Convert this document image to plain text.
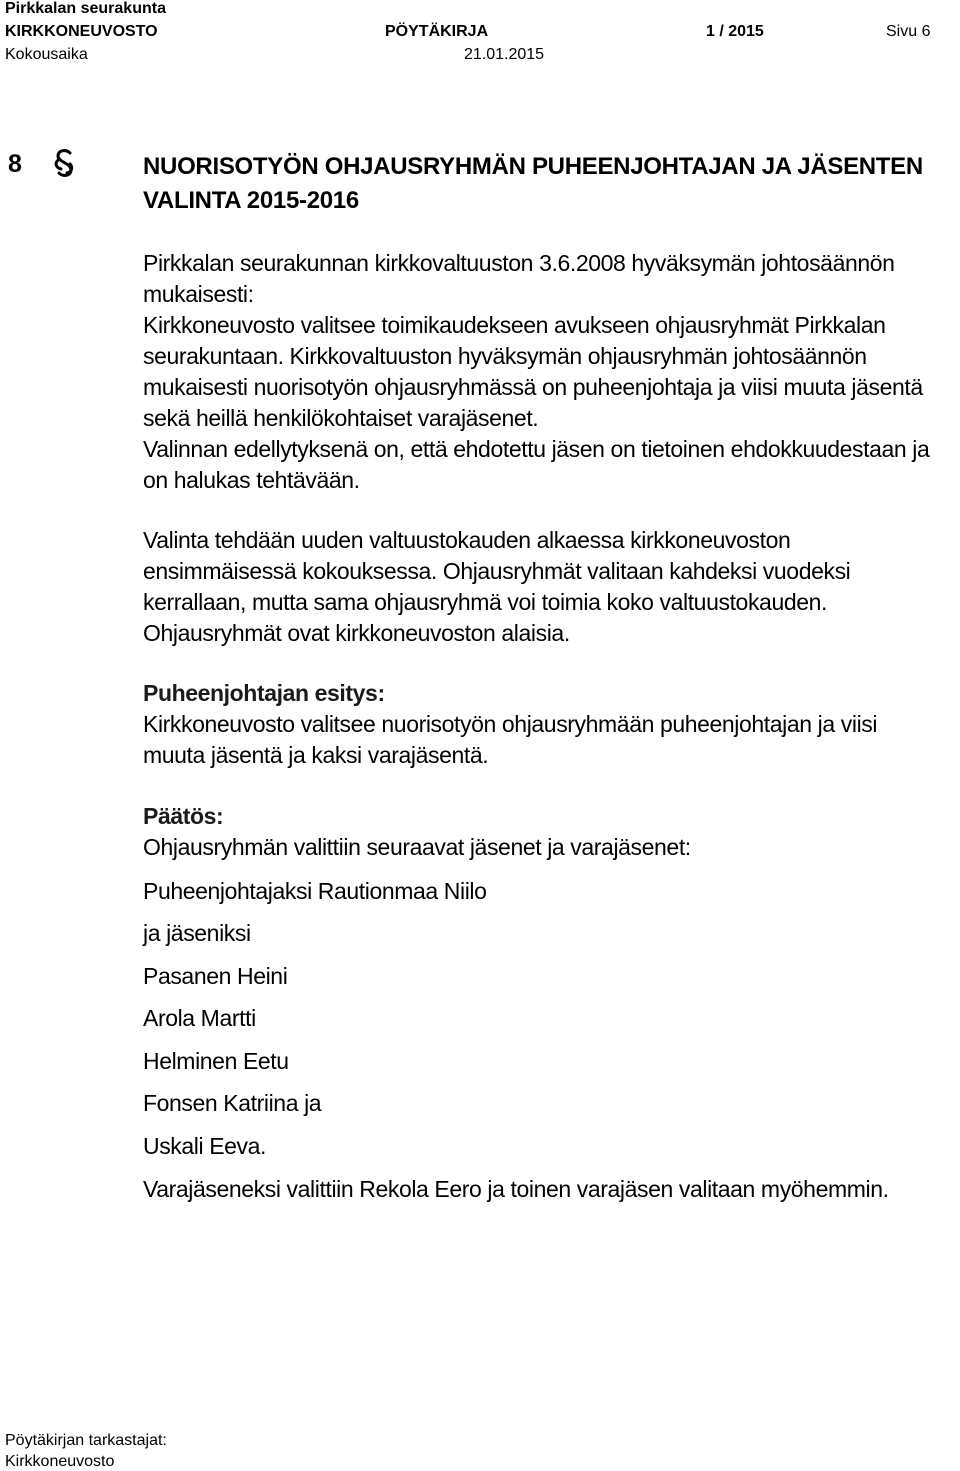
Pirkkalan seurakunta
KIRKKONEUVOSTO
Kokousaika
PÖYTÄKIRJA
21.01.2015
1 / 2015	Sivu 6
8	NUORISOTYÖN OHJAUSRYHMÄN PUHEENJOHTAJAN JA JÄSENTEN VALINTA 2015-2016

Pirkkalan seurakunnan kirkkovaltuuston 3.6.2008 hyväksymän johtosäännön mukaisesti:

Kirkkoneuvosto valitsee toimikaudekseen avukseen ohjausryhmät Pirkkalan seurakuntaan. Kirkkovaltuuston hyväksymän ohjausryhmän johtosäännön mukaisesti nuorisotyön ohjausryhmässä on puheenjohtaja ja viisi muuta jäsentä sekä heillä henkilökohtaiset varajäsenet.

Valinnan edellytyksenä on, että ehdotettu jäsen on tietoinen ehdokkuudestaan ja on halukas tehtävään.

Valinta tehdään uuden valtuustokauden alkaessa kirkkoneuvoston ensimmäisessä kokouksessa. Ohjausryhmät valitaan kahdeksi vuodeksi kerrallaan, mutta sama ohjausryhmä voi toimia koko valtuustokauden. Ohjausryhmät ovat kirkkoneuvoston alaisia.

Puheenjohtajan esitys:

Kirkkoneuvosto valitsee nuorisotyön ohjausryhmään puheenjohtajan ja viisi muuta jäsentä ja kaksi varajäsentä.

Päätös:

Ohjausryhmän valittiin seuraavat jäsenet ja varajäsenet:

Puheenjohtajaksi Rautionmaa Niilo
ja jäseniksi
Pasanen Heini
Arola Martti
Helminen Eetu
Fonsen Katriina ja
Uskali Eeva.
Varajäseneksi valittiin Rekola Eero ja toinen varajäsen valitaan myöhemmin.
Pöytäkirjan tarkastajat:
Kirkkoneuvosto
